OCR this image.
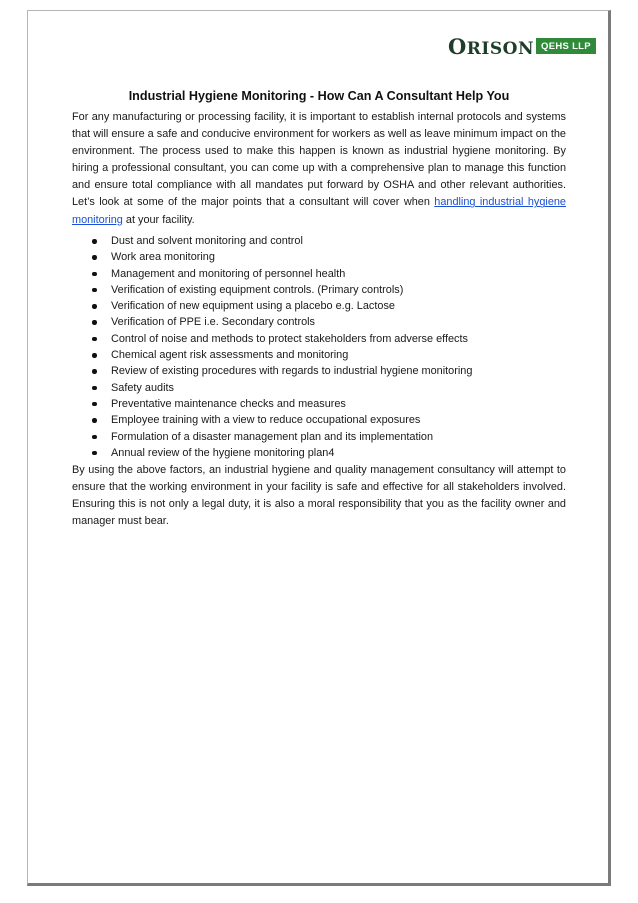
ORISON QEHS LLP
Industrial Hygiene Monitoring - How Can A Consultant Help You

For any manufacturing or processing facility, it is important to establish internal protocols and systems that will ensure a safe and conducive environment for workers as well as leave minimum impact on the environment. The process used to make this happen is known as industrial hygiene monitoring. By hiring a professional consultant, you can come up with a comprehensive plan to manage this function and ensure total compliance with all mandates put forward by OSHA and other relevant authorities. Let’s look at some of the major points that a consultant will cover when handling industrial hygiene monitoring at your facility.

Dust and solvent monitoring and control
Work area monitoring
Management and monitoring of personnel health
Verification of existing equipment controls. (Primary controls)
Verification of new equipment using a placebo e.g. Lactose
Verification of PPE i.e. Secondary controls
Control of noise and methods to protect stakeholders from adverse effects
Chemical agent risk assessments and monitoring
Review of existing procedures with regards to industrial hygiene monitoring
Safety audits
Preventative maintenance checks and measures
Employee training with a view to reduce occupational exposures
Formulation of a disaster management plan and its implementation
Annual review of the hygiene monitoring plan4

By using the above factors, an industrial hygiene and quality management consultancy will attempt to ensure that the working environment in your facility is safe and effective for all stakeholders involved. Ensuring this is not only a legal duty, it is also a moral responsibility that you as the facility owner and manager must bear.
